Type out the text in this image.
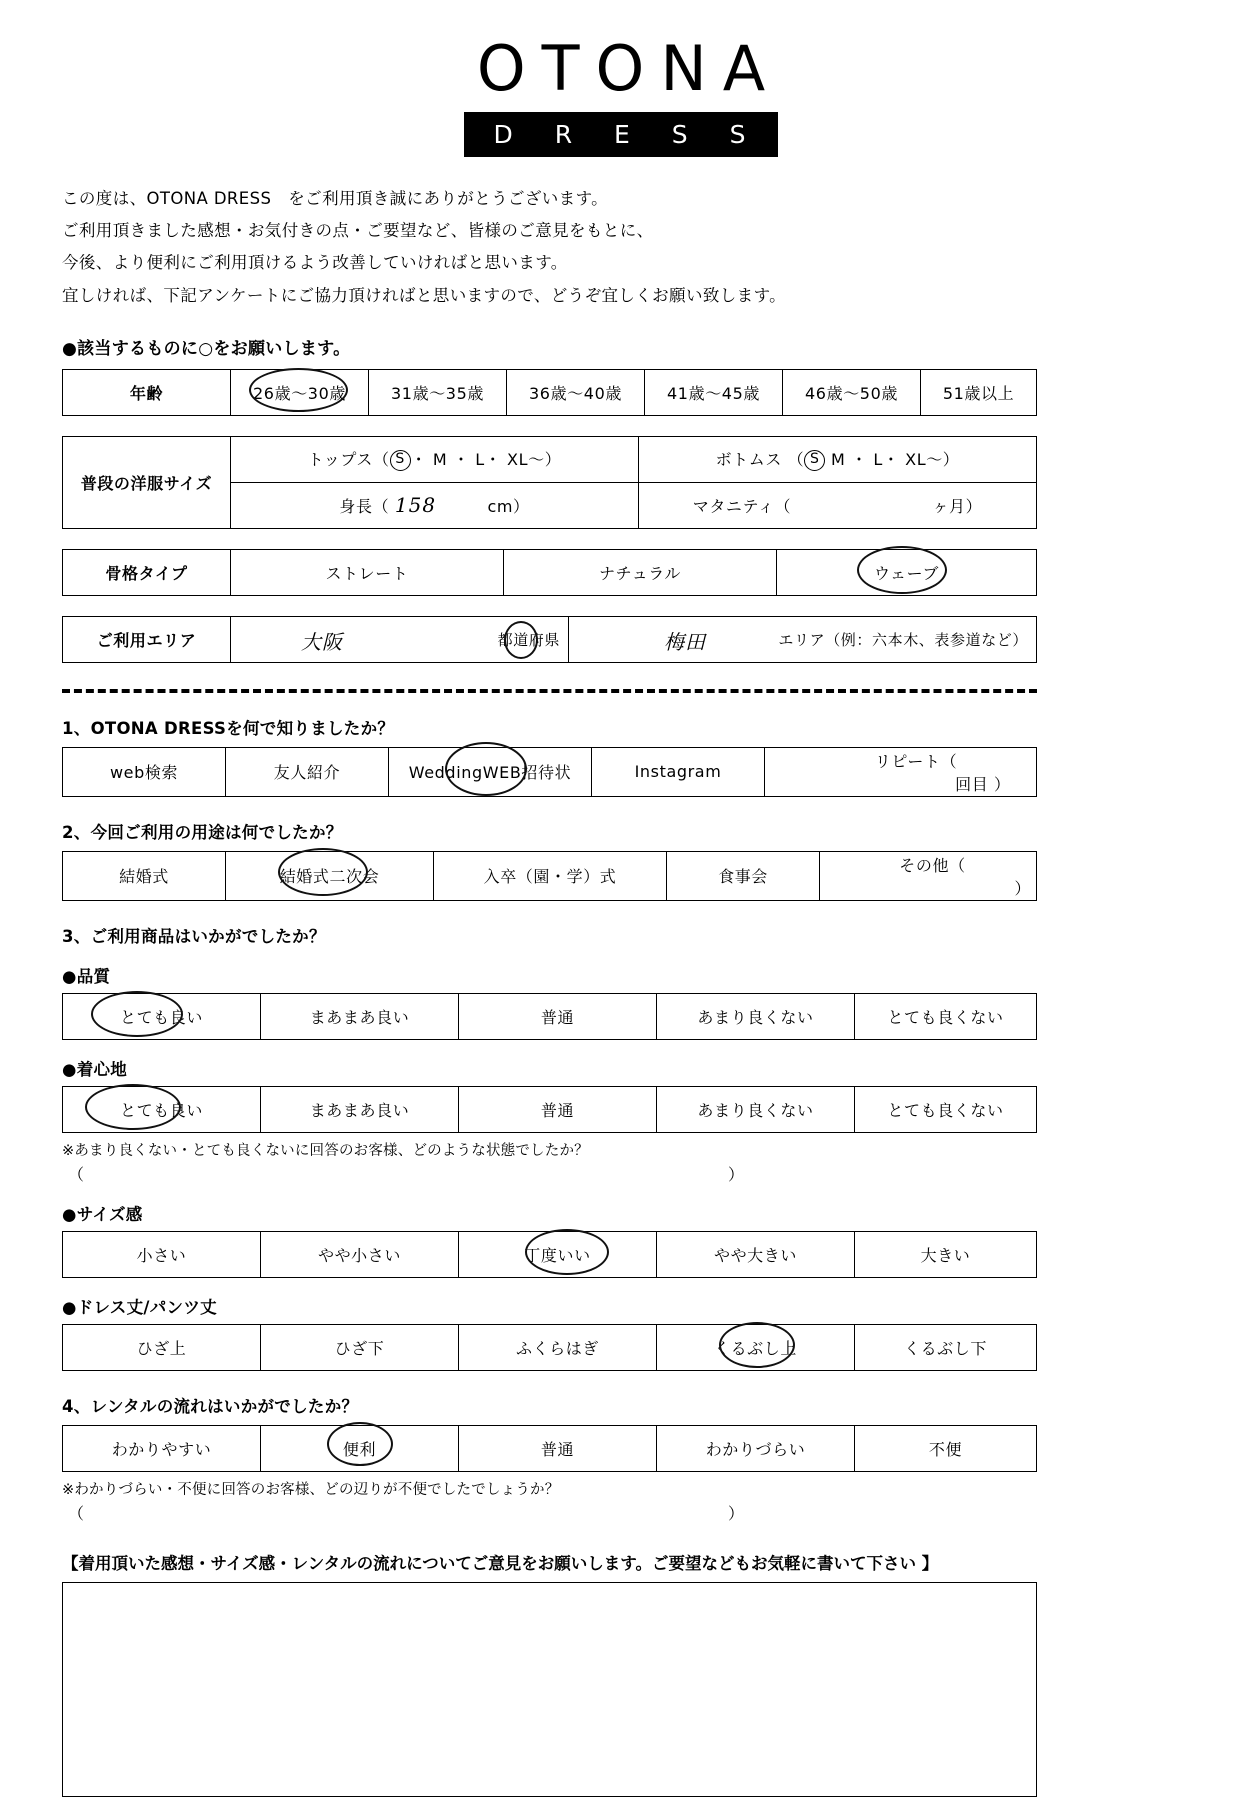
OTONA
D R E S S
この度は、OTONA DRESS　をご利用頂き誠にありがとうございます。
ご利用頂きました感想・お気付きの点・ご要望など、皆様のご意見をもとに、
今後、より便利にご利用頂けるよう改善していければと思います。
宜しければ、下記アンケートにご協力頂ければと思いますので、どうぞ宜しくお願い致します。
●該当するものに○をお願いします。
年齢	26歳～30歳	31歳～35歳	36歳～40歳	41歳～45歳	46歳～50歳	51歳以上
普段の洋服サイズ	トップス（ S ・ M ・ L・ XL～）	ボトムス （ S M ・ L・ XL～）
	身長（ 158 cm）	マタニティ（ ヶ月）
骨格タイプ	ストレート	ナチュラル	ウェーブ
ご利用エリア	大阪	都道府県	梅田	エリア（例：六本木、表参道など）
1、OTONA DRESSを何で知りましたか？
web検索	友人紹介	WeddingWEB招待状	Instagram	リピート（  回目 ）
2、今回ご利用の用途は何でしたか？
結婚式	結婚式二次会	入卒（園・学）式	食事会	その他（  ）
3、ご利用商品はいかがでしたか？
●品質
とても良い	まあまあ良い	普通	あまり良くない	とても良くない
●着心地
とても良い	まあまあ良い	普通	あまり良くない	とても良くない
※あまり良くない・とても良くないに回答のお客様、どのような状態でしたか？
（	）
●サイズ感
小さい	やや小さい	丁度いい	やや大きい	大きい
●ドレス丈/パンツ丈
ひざ上	ひざ下	ふくらはぎ	くるぶし上	くるぶし下
4、レンタルの流れはいかがでしたか？
わかりやすい	便利	普通	わかりづらい	不便
※わかりづらい・不便に回答のお客様、どの辺りが不便でしたでしょうか？
（	）
【着用頂いた感想・サイズ感・レンタルの流れについてご意見をお願いします。ご要望などもお気軽に書いて下さい 】
